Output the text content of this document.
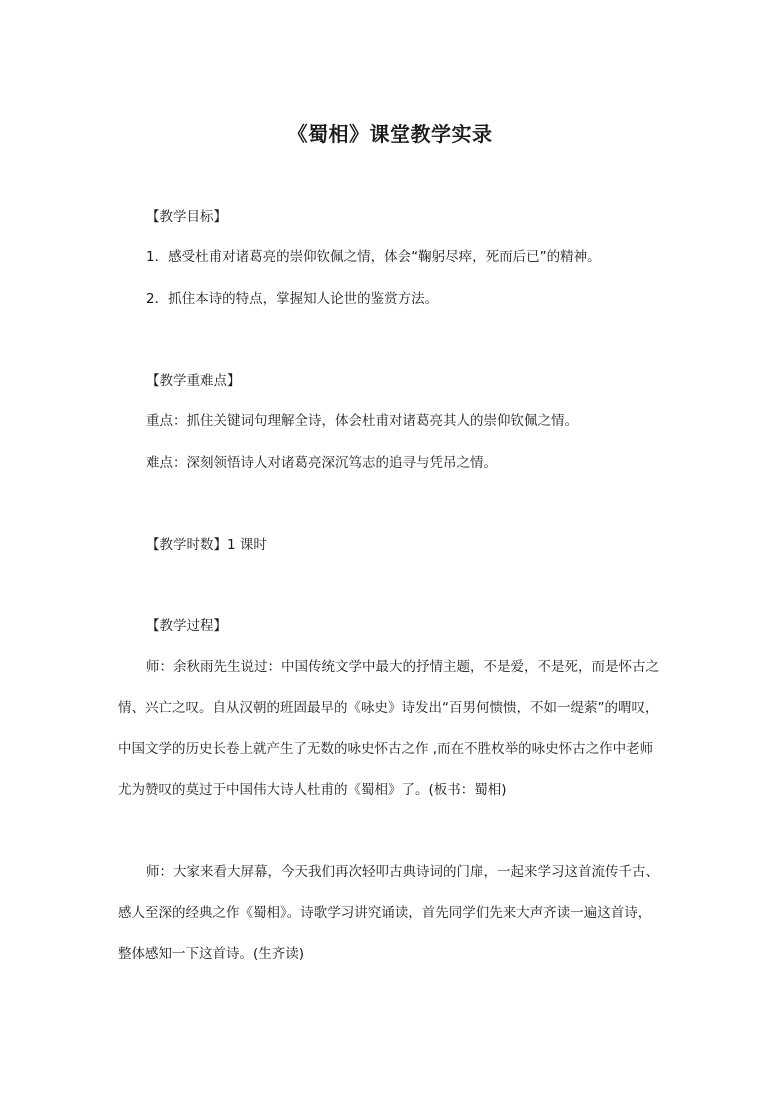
《蜀相》课堂教学实录
【教学目标】
1．感受杜甫对诸葛亮的崇仰钦佩之情，体会“鞠躬尽瘁，死而后已”的精神。
2．抓住本诗的特点，掌握知人论世的鉴赏方法。
【教学重难点】
重点：抓住关键词句理解全诗，体会杜甫对诸葛亮其人的崇仰钦佩之情。
难点：深刻领悟诗人对诸葛亮深沉笃志的追寻与凭吊之情。
【教学时数】1 课时
【教学过程】
师：余秋雨先生说过：中国传统文学中最大的抒情主题，不是爱，不是死，而是怀古之
情、兴亡之叹。自从汉朝的班固最早的《咏史》诗发出“百男何愦愦，不如一缇萦”的喟叹，
中国文学的历史长卷上就产生了无数的咏史怀古之作 ,而在不胜枚举的咏史怀古之作中老师
尤为赞叹的莫过于中国伟大诗人杜甫的《蜀相》了。(板书：蜀相)
师：大家来看大屏幕，今天我们再次轻叩古典诗词的门扉，一起来学习这首流传千古、
感人至深的经典之作《蜀相》。诗歌学习讲究诵读，首先同学们先来大声齐读一遍这首诗，
整体感知一下这首诗。(生齐读)
